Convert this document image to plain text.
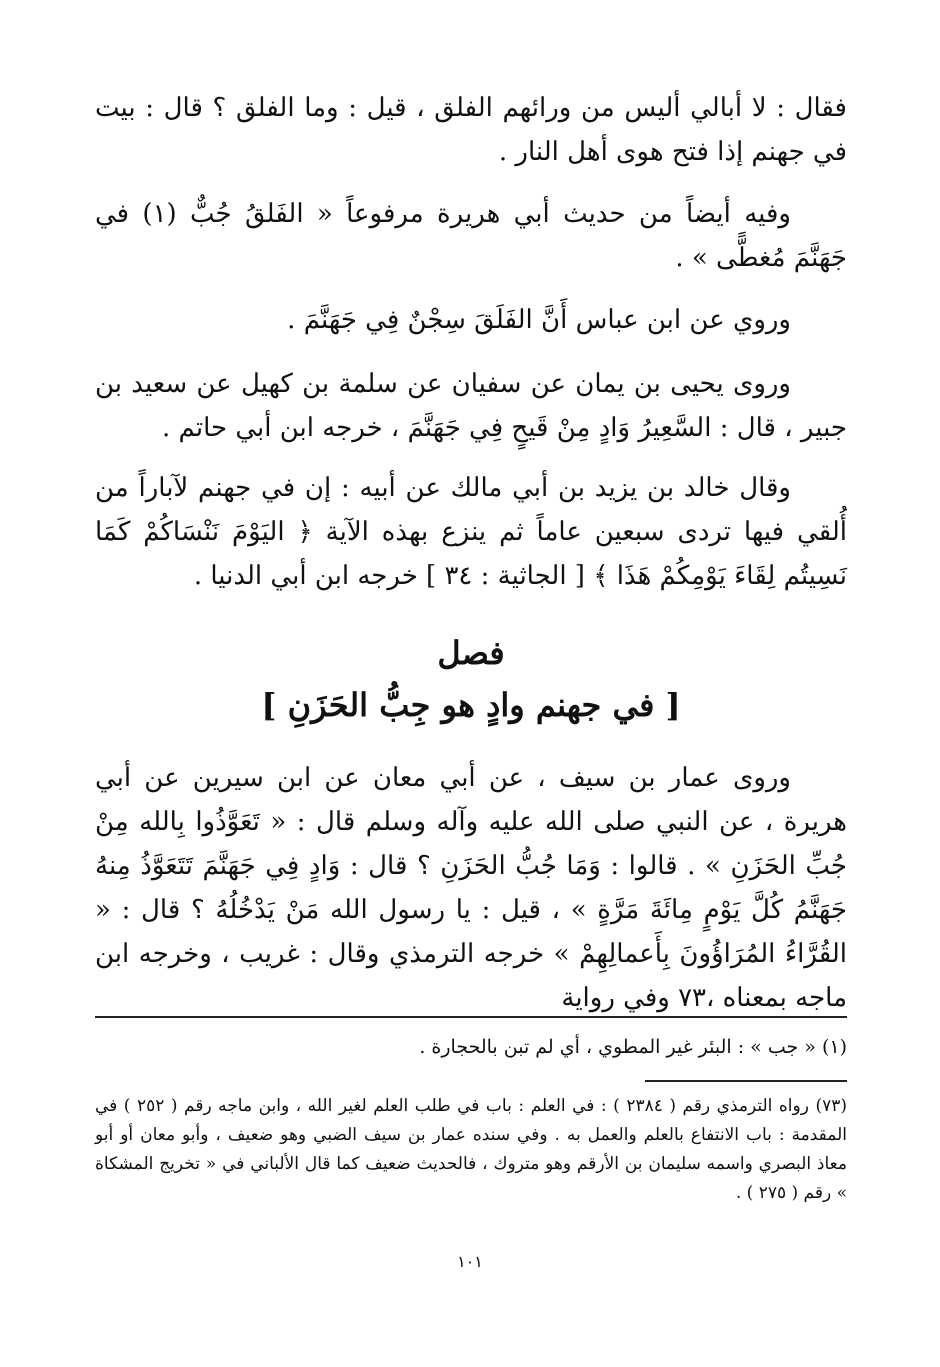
فقال : لا أبالي أليس من ورائهم الفلق ، قيل : وما الفلق ؟ قال : بيت في جهنم إذا فتح هوى أهل النار .

وفيه أيضاً من حديث أبي هريرة مرفوعاً « الفَلقُ جُبٌّ (١) في جَهَنَّمَ مُغطًّى » .

وروي عن ابن عباس أَنَّ الفَلَقَ سِجْنٌ فِي جَهَنَّمَ .

وروى يحيى بن يمان عن سفيان عن سلمة بن كهيل عن سعيد بن جبير ، قال : السَّعِيرُ وَادٍ مِنْ قَيحٍ فِي جَهَنَّمَ ، خرجه ابن أبي حاتم .

وقال خالد بن يزيد بن أبي مالك عن أبيه : إن في جهنم لآباراً من أُلقي فيها تردى سبعين عاماً ثم ينزع بهذه الآية ﴿ اليَوْمَ نَنْسَاكُمْ كَمَا نَسِيتُم لِقَاءَ يَوْمِكُمْ هَذَا ﴾ [ الجاثية : ٣٤ ] خرجه ابن أبي الدنيا .

فصل
[ في جهنم وادٍ هو جِبُّ الحَزَنِ ]

وروى عمار بن سيف ، عن أبي معان عن ابن سيرين عن أبي هريرة ، عن النبي صلى الله عليه وآله وسلم قال : « تَعَوَّذُوا بِالله مِنْ جُبِّ الحَزَنِ » . قالوا : وَمَا جُبُّ الحَزَنِ ؟ قال : وَادٍ فِي جَهَنَّمَ تَتَعَوَّذُ مِنهُ جَهَنَّمُ كُلَّ يَوْمٍ مِائَةَ مَرَّةٍ » ، قيل : يا رسول الله مَنْ يَدْخُلُهُ ؟ قال : « القُرَّاءُ المُرَاؤُونَ بِأَعمالِهِمْ » خرجه الترمذي وقال : غريب ، وخرجه ابن ماجه بمعناه ،٧٣ وفي رواية

(١) « جب » : البئر غير المطوي ، أي لم تبن بالحجارة .

(٧٣) رواه الترمذي رقم ( ٢٣٨٤ ) : في العلم : باب في طلب العلم لغير الله ، وابن ماجه رقم ( ٢٥٢ ) في المقدمة : باب الانتفاع بالعلم والعمل به . وفي سنده عمار بن سيف الضبي وهو ضعيف ، وأبو معان أو أبو معاذ البصري واسمه سليمان بن الأرقم وهو متروك ، فالحديث ضعيف كما قال الألباني في « تخريج المشكاة » رقم ( ٢٧٥ ) .

١٠١
